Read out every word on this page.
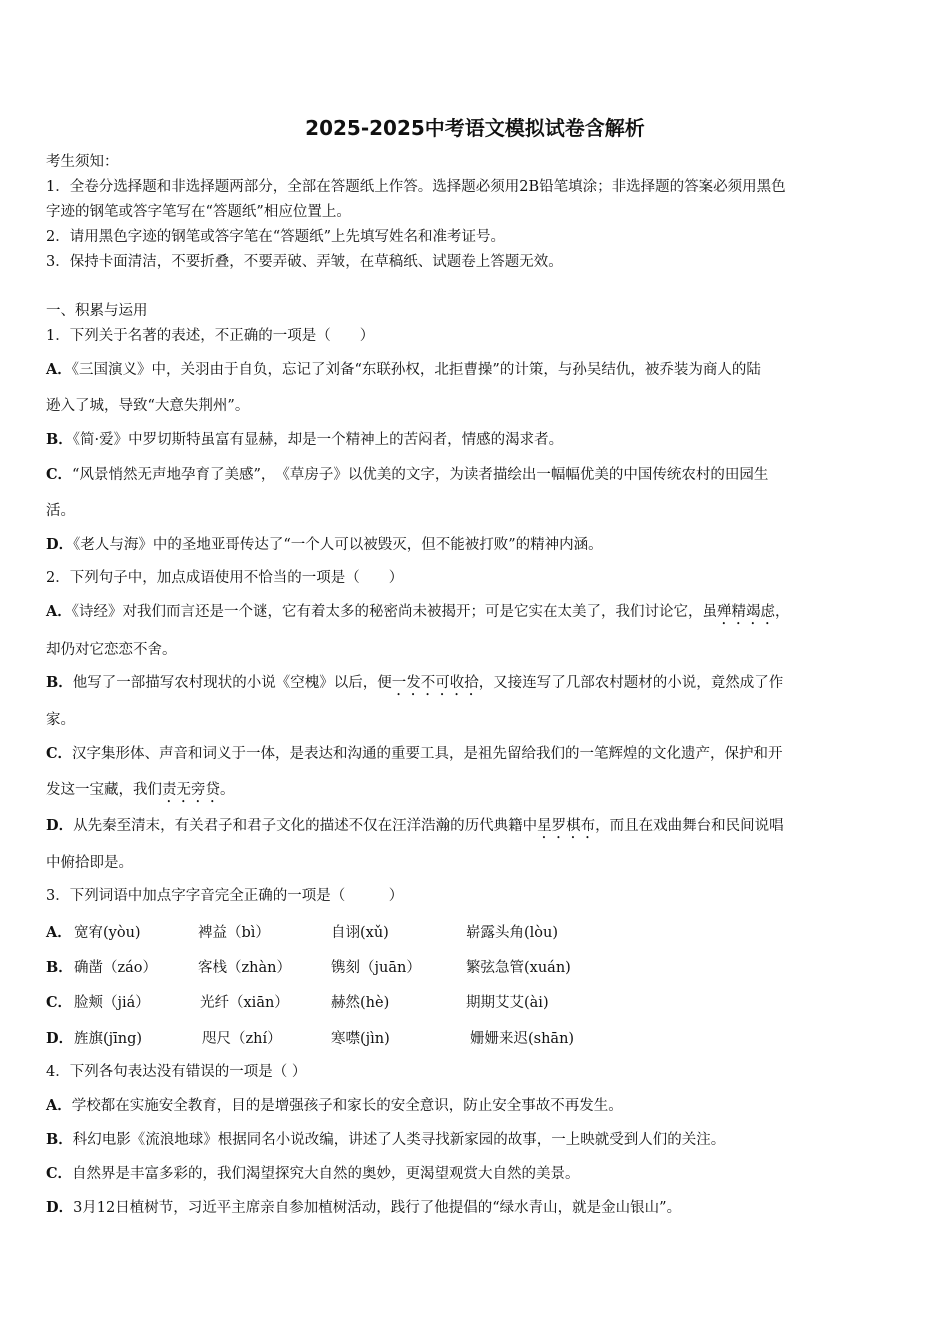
2025-2025中考语文模拟试卷含解析
考生须知：
1．全卷分选择题和非选择题两部分，全部在答题纸上作答。选择题必须用2B铅笔填涂；非选择题的答案必须用黑色
字迹的钢笔或答字笔写在“答题纸”相应位置上。
2．请用黑色字迹的钢笔或答字笔在“答题纸”上先填写姓名和准考证号。
3．保持卡面清洁，不要折叠，不要弄破、弄皱，在草稿纸、试题卷上答题无效。
一、积累与运用
1．下列关于名著的表述，不正确的一项是（　　）
A．《三国演义》中，关羽由于自负，忘记了刘备“东联孙权，北拒曹操”的计策，与孙吴结仇，被乔装为商人的陆
逊入了城，导致“大意失荆州”。
B．《简·爱》中罗切斯特虽富有显赫，却是一个精神上的苦闷者，情感的渴求者。
C．“风景悄然无声地孕育了美感”，　《草房子》以优美的文字，为读者描绘出一幅幅优美的中国传统农村的田园生
活。
D．《老人与海》中的圣地亚哥传达了“一个人可以被毁灭，但不能被打败”的精神内涵。
2．下列句子中，加点成语使用不恰当的一项是（　　）
A．《诗经》对我们而言还是一个谜，它有着太多的秘密尚未被揭开；可是它实在太美了，我们讨论它，虽殚精竭虑，
却仍对它恋恋不舍。
B．他写了一部描写农村现状的小说《空槐》以后，便一发不可收拾，又接连写了几部农村题材的小说，竟然成了作
家。
C．汉字集形体、声音和词义于一体，是表达和沟通的重要工具，是祖先留给我们的一笔辉煌的文化遗产，保护和开
发这一宝藏，我们责无旁贷。
D．从先秦至清末，有关君子和君子文化的描述不仅在汪洋浩瀚的历代典籍中星罗棋布，而且在戏曲舞台和民间说唱
中俯拾即是。
3．下列词语中加点字字音完全正确的一项是（　　　）
A． 宽宥(yòu)	裨益（bì）	自诩(xǔ)	崭露头角(lòu)
B． 确凿（záo）	客栈（zhàn）	镌刻（juān）	繁弦急管(xuán)
C． 脸颊（jiá）	光纤（xiān）	赫然(hè)	期期艾艾(ài)
D． 旌旗(jīng)	咫尺（zhí）	寒噤(jìn)	姗姗来迟(shān)
4．下列各句表达没有错误的一项是（ ）
A．学校都在实施安全教育，目的是增强孩子和家长的安全意识，防止安全事故不再发生。
B．科幻电影《流浪地球》根据同名小说改编，讲述了人类寻找新家园的故事，一上映就受到人们的关注。
C．自然界是丰富多彩的，我们渴望探究大自然的奥妙，更渴望观赏大自然的美景。
D．3月12日植树节，习近平主席亲自参加植树活动，践行了他提倡的“绿水青山，就是金山银山”。
